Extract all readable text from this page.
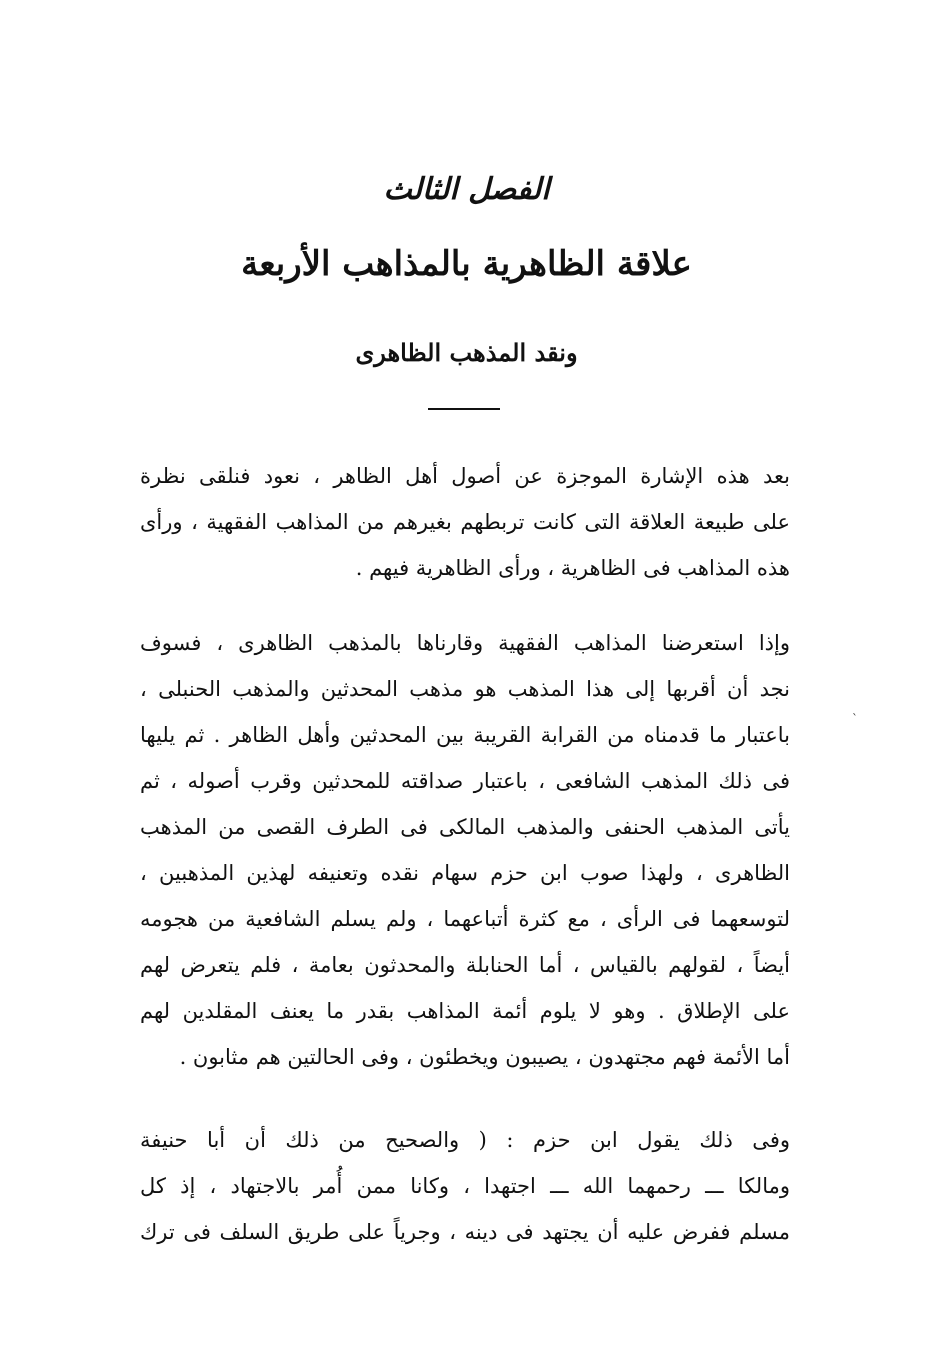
الفصل الثالث
علاقة الظاهرية بالمذاهب الأربعة
ونقد المذهب الظاهرى
`
بعد هذه الإشارة الموجزة عن أصول أهل الظاهر ، نعود فنلقى نظرة
على طبيعة العلاقة التى كانت تربطهم بغيرهم من المذاهب الفقهية ، ورأى
هذه المذاهب فى الظاهرية ، ورأى الظاهرية فيهم .
وإذا استعرضنا المذاهب الفقهية وقارناها بالمذهب الظاهرى ، فسوف
نجد أن أقربها إلى هذا المذهب هو مذهب المحدثين والمذهب الحنبلى ،
باعتبار ما قدمناه من القرابة القريبة بين المحدثين وأهل الظاهر . ثم يليها
فى ذلك المذهب الشافعى ، باعتبار صداقته للمحدثين وقرب أصوله ، ثم
يأتى المذهب الحنفى والمذهب المالكى فى الطرف القصى من المذهب
الظاهرى ، ولهذا صوب ابن حزم سهام نقده وتعنيفه لهذين المذهبين ،
لتوسعهما فى الرأى ، مع كثرة أتباعهما ، ولم يسلم الشافعية من هجومه
أيضاً ، لقولهم بالقياس ، أما الحنابلة والمحدثون بعامة ، فلم يتعرض لهم
على الإطلاق . وهو لا يلوم أئمة المذاهب بقدر ما يعنف المقلدين لهم
أما الأئمة فهم مجتهدون ، يصيبون ويخطئون ، وفى الحالتين هم مثابون .
وفى ذلك يقول ابن حزم : ( والصحيح من ذلك أن أبا حنيفة
ومالكا ـــ رحمهما الله ـــ اجتهدا ، وكانا ممن أُمر بالاجتهاد ، إذ كل
مسلم ففرض عليه أن يجتهد فى دينه ، وجرياً على طريق السلف فى ترك
